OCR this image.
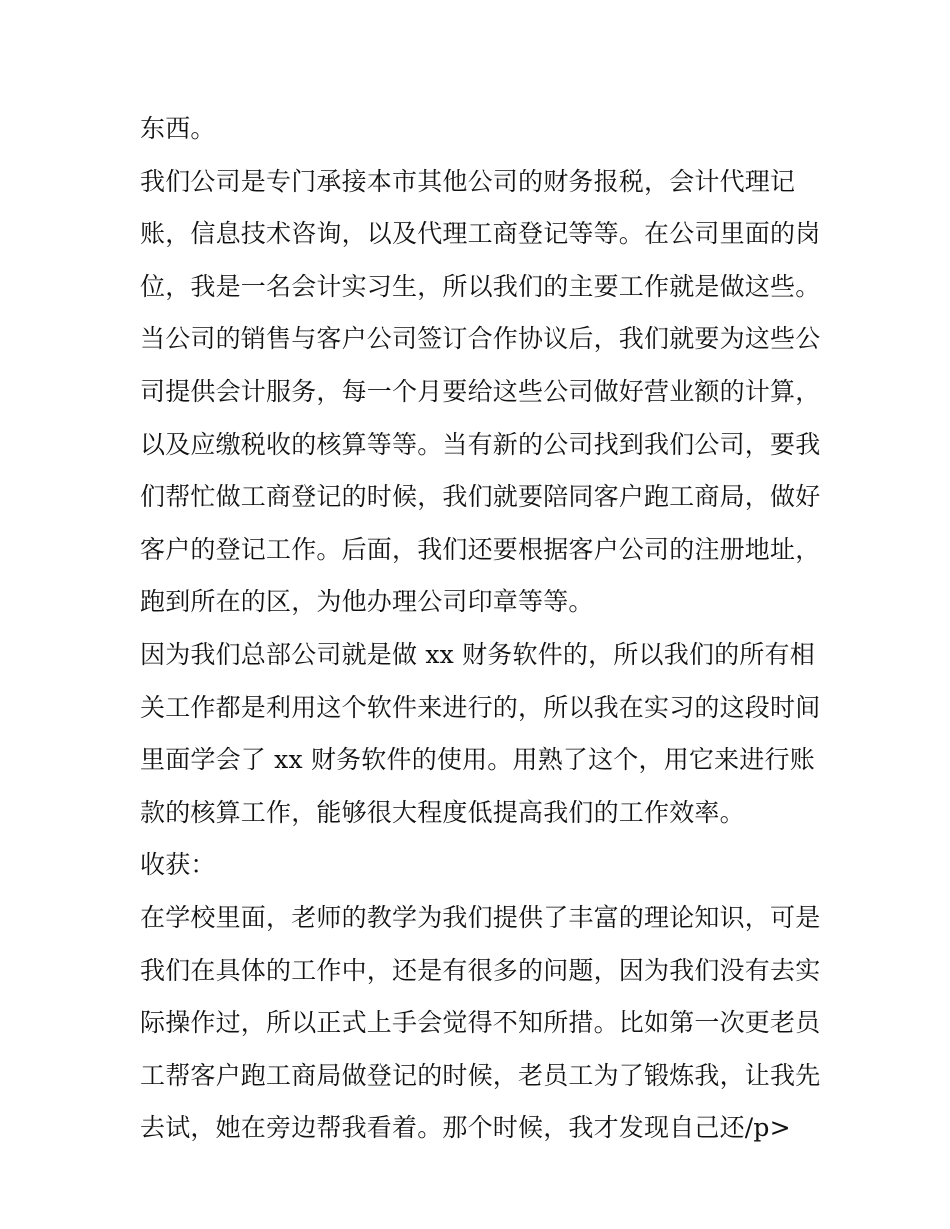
东西。
我们公司是专门承接本市其他公司的财务报税，会计代理记
账，信息技术咨询，以及代理工商登记等等。在公司里面的岗
位，我是一名会计实习生，所以我们的主要工作就是做这些。
当公司的销售与客户公司签订合作协议后，我们就要为这些公
司提供会计服务，每一个月要给这些公司做好营业额的计算，
以及应缴税收的核算等等。当有新的公司找到我们公司，要我
们帮忙做工商登记的时候，我们就要陪同客户跑工商局，做好
客户的登记工作。后面，我们还要根据客户公司的注册地址，
跑到所在的区，为他办理公司印章等等。
因为我们总部公司就是做 xx 财务软件的，所以我们的所有相
关工作都是利用这个软件来进行的，所以我在实习的这段时间
里面学会了 xx 财务软件的使用。用熟了这个，用它来进行账
款的核算工作，能够很大程度低提高我们的工作效率。
收获：
在学校里面，老师的教学为我们提供了丰富的理论知识，可是
我们在具体的工作中，还是有很多的问题，因为我们没有去实
际操作过，所以正式上手会觉得不知所措。比如第一次更老员
工帮客户跑工商局做登记的时候，老员工为了锻炼我，让我先
去试，她在旁边帮我看着。那个时候，我才发现自己还/p>
